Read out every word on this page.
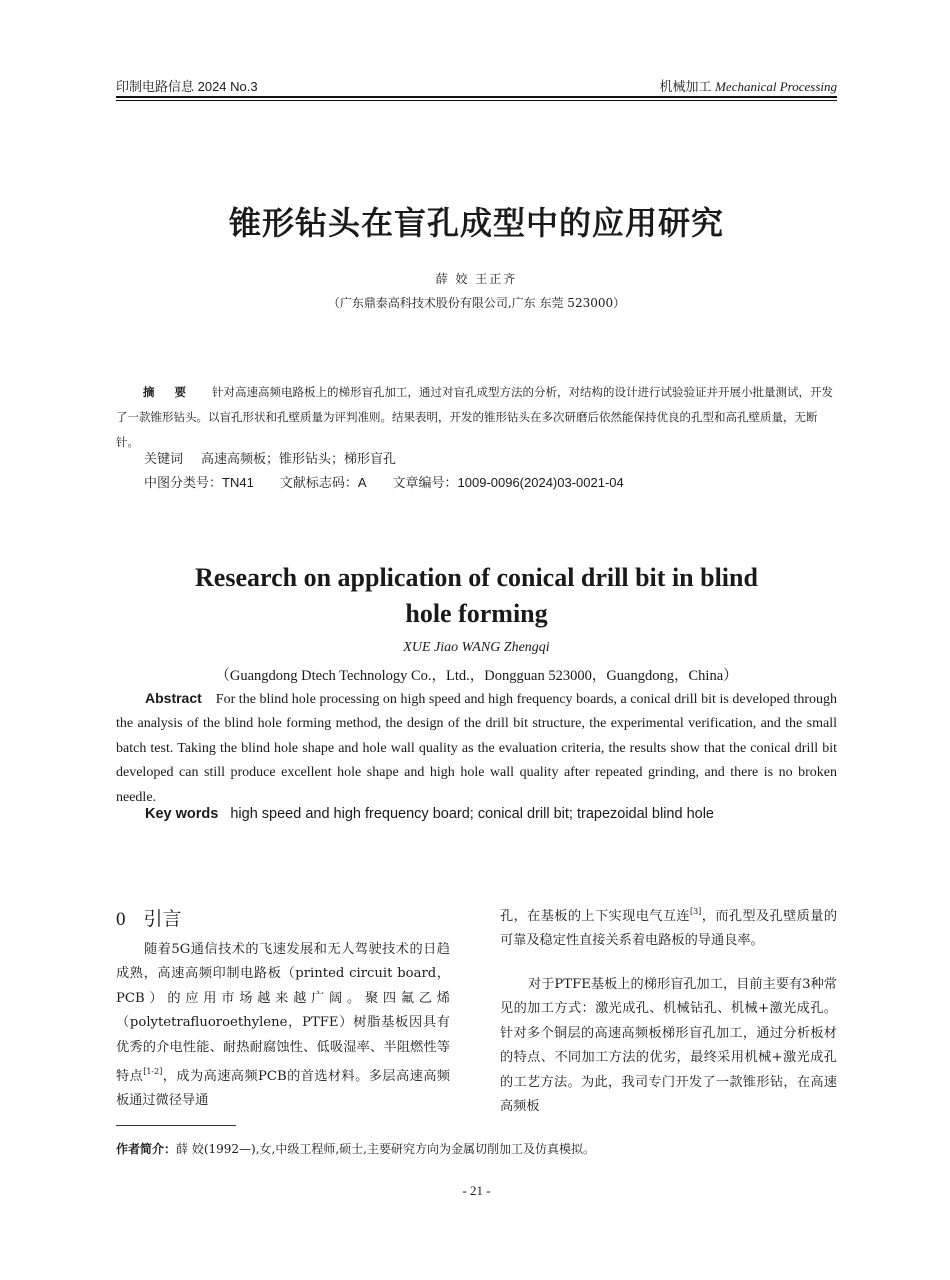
印制电路信息 2024 No.3	机械加工 Mechanical Processing
锥形钻头在盲孔成型中的应用研究
薛 姣 王正齐
（广东鼎泰高科技术股份有限公司,广东 东莞 523000）
摘 要 针对高速高频电路板上的梯形盲孔加工，通过对盲孔成型方法的分析，对结构的设计进行试验验证并开展小批量测试，开发了一款锥形钻头。以盲孔形状和孔壁质量为评判准则。结果表明，开发的锥形钻头在多次研磨后依然能保持优良的孔型和高孔壁质量，无断针。
关键词 高速高频板；锥形钻头；梯形盲孔
中图分类号：TN41 文献标志码：A 文章编号：1009-0096(2024)03-0021-04
Research on application of conical drill bit in blind
hole forming
XUE Jiao WANG Zhengqi
（Guangdong Dtech Technology Co.，Ltd.，Dongguan 523000，Guangdong，China）
Abstract For the blind hole processing on high speed and high frequency boards, a conical drill bit is developed through the analysis of the blind hole forming method, the design of the drill bit structure, the experimental verification, and the small batch test. Taking the blind hole shape and hole wall quality as the evaluation criteria, the results show that the conical drill bit developed can still produce excellent hole shape and high hole wall quality after repeated grinding, and there is no broken needle.
Key words high speed and high frequency board; conical drill bit; trapezoidal blind hole
0 引言

随着5G通信技术的飞速发展和无人驾驶技术的日趋成熟，高速高频印制电路板（printed circuit board，PCB）的应用市场越来越广阔。聚四氟乙烯（polytetrafluoroethylene，PTFE）树脂基板因具有优秀的介电性能、耐热耐腐蚀性、低吸湿率、半阻燃性等特点[1-2]，成为高速高频PCB的首选材料。多层高速高频板通过微径导通

孔，在基板的上下实现电气互连[3]，而孔型及孔壁质量的可靠及稳定性直接关系着电路板的导通良率。

对于PTFE基板上的梯形盲孔加工，目前主要有3种常见的加工方式：激光成孔、机械钻孔、机械+激光成孔。针对多个铜层的高速高频板梯形盲孔加工，通过分析板材的特点、不同加工方法的优劣，最终采用机械+激光成孔的工艺方法。为此，我司专门开发了一款锥形钻，在高速高频板

作者简介：薛 姣(1992—),女,中级工程师,硕士,主要研究方向为金属切削加工及仿真模拟。
- 21 -
